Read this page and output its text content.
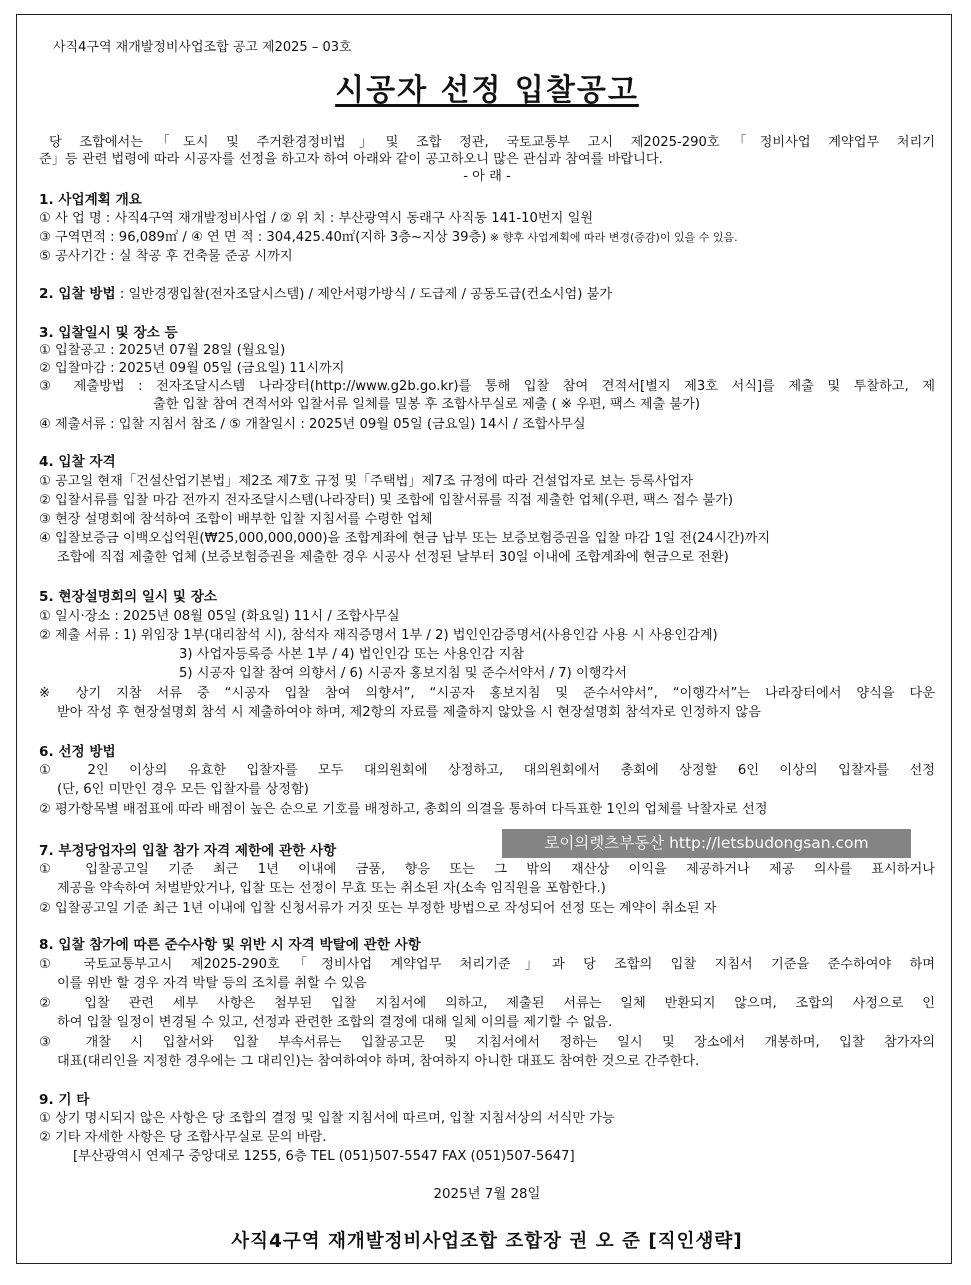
사직4구역 재개발정비사업조합 공고 제2025 – 03호
시공자 선정 입찰공고
당 조합에서는「도시 및 주거환경정비법」및 조합 정관, 국토교통부 고시 제2025-290호「정비사업 계약업무 처리기
준」등 관련 법령에 따라 시공자를 선정을 하고자 하여 아래와 같이 공고하오니 많은 관심과 참여를 바랍니다.
- 아 래 -
1. 사업계획 개요
① 사 업 명 : 사직4구역 재개발정비사업 / ② 위 치 : 부산광역시 동래구 사직동 141-10번지 일원
③ 구역면적 : 96,089㎡ / ④ 연 면 적 : 304,425.40㎡(지하 3층~지상 39층) ※ 향후 사업계획에 따라 변경(증감)이 있을 수 있음.
⑤ 공사기간 : 실 착공 후 건축물 준공 시까지
2. 입찰 방법 : 일반경쟁입찰(전자조달시스템) / 제안서평가방식 / 도급제 / 공동도급(컨소시엄) 불가
3. 입찰일시 및 장소 등
① 입찰공고 : 2025년 07월 28일 (월요일)
② 입찰마감 : 2025년 09월 05일 (금요일) 11시까지
③ 제출방법 : 전자조달시스템 나라장터(http://www.g2b.go.kr)를 통해 입찰 참여 견적서[별지 제3호 서식]를 제출 및 투찰하고, 제
출한 입찰 참여 견적서와 입찰서류 일체를 밀봉 후 조합사무실로 제출 ( ※ 우편, 팩스 제출 불가)
④ 제출서류 : 입찰 지침서 참조 / ⑤ 개찰일시 : 2025년 09월 05일 (금요일) 14시 / 조합사무실
4. 입찰 자격
① 공고일 현재「건설산업기본법」제2조 제7호 규정 및「주택법」제7조 규정에 따라 건설업자로 보는 등록사업자
② 입찰서류를 입찰 마감 전까지 전자조달시스템(나라장터) 및 조합에 입찰서류를 직접 제출한 업체(우편, 팩스 접수 불가)
③ 현장 설명회에 참석하여 조합이 배부한 입찰 지침서를 수령한 업체
④ 입찰보증금 이백오십억원(₩25,000,000,000)을 조합계좌에 현금 납부 또는 보증보험증권을 입찰 마감 1일 전(24시간)까지
조합에 직접 제출한 업체 (보증보험증권을 제출한 경우 시공사 선정된 날부터 30일 이내에 조합계좌에 현금으로 전환)
5. 현장설명회의 일시 및 장소
① 일시·장소 : 2025년 08월 05일 (화요일) 11시 / 조합사무실
② 제출 서류 : 1) 위임장 1부(대리참석 시), 참석자 재직증명서 1부 / 2) 법인인감증명서(사용인감 사용 시 사용인감계)
3) 사업자등록증 사본 1부 / 4) 법인인감 또는 사용인감 지참
5) 시공자 입찰 참여 의향서 / 6) 시공자 홍보지침 및 준수서약서 / 7) 이행각서
※ 상기 지참 서류 중 “시공자 입찰 참여 의향서”, “시공자 홍보지침 및 준수서약서”, “이행각서”는 나라장터에서 양식을 다운
받아 작성 후 현장설명회 참석 시 제출하여야 하며, 제2항의 자료를 제출하지 않았을 시 현장설명회 참석자로 인정하지 않음
6. 선정 방법
① 2인 이상의 유효한 입찰자를 모두 대의원회에 상정하고, 대의원회에서 총회에 상정할 6인 이상의 입찰자를 선정
(단, 6인 미만인 경우 모든 입찰자를 상정함)
② 평가항목별 배점표에 따라 배점이 높은 순으로 기호를 배정하고, 총회의 의결을 통하여 다득표한 1인의 업체를 낙찰자로 선정
7. 부정당업자의 입찰 참가 자격 제한에 관한 사항
① 입찰공고일 기준 최근 1년 이내에 금품, 향응 또는 그 밖의 재산상 이익을 제공하거나 제공 의사를 표시하거나
제공을 약속하여 처벌받았거나, 입찰 또는 선정이 무효 또는 취소된 자(소속 임직원을 포함한다.)
② 입찰공고일 기준 최근 1년 이내에 입찰 신청서류가 거짓 또는 부정한 방법으로 작성되어 선정 또는 계약이 취소된 자
8. 입찰 참가에 따른 준수사항 및 위반 시 자격 박탈에 관한 사항
① 국토교통부고시 제2025-290호「정비사업 계약업무 처리기준」과 당 조합의 입찰 지침서 기준을 준수하여야 하며
이를 위반 할 경우 자격 박탈 등의 조치를 취할 수 있음
② 입찰 관련 세부 사항은 첨부된 입찰 지침서에 의하고, 제출된 서류는 일체 반환되지 않으며, 조합의 사정으로 인
하여 입찰 일정이 변경될 수 있고, 선정과 관련한 조합의 결정에 대해 일체 이의를 제기할 수 없음.
③ 개찰 시 입찰서와 입찰 부속서류는 입찰공고문 및 지침서에서 정하는 일시 및 장소에서 개봉하며, 입찰 참가자의
대표(대리인을 지정한 경우에는 그 대리인)는 참여하여야 하며, 참여하지 아니한 대표도 참여한 것으로 간주한다.
9. 기 타
① 상기 명시되지 않은 사항은 당 조합의 결정 및 입찰 지침서에 따르며, 입찰 지침서상의 서식만 가능
② 기타 자세한 사항은 당 조합사무실로 문의 바람.
[부산광역시 연제구 중앙대로 1255, 6층 TEL (051)507-5547 FAX (051)507-5647]
2025년 7월 28일
사직4구역 재개발정비사업조합 조합장 권 오 준 [직인생략]
로이의렛츠부동산 http://letsbudongsan.com
